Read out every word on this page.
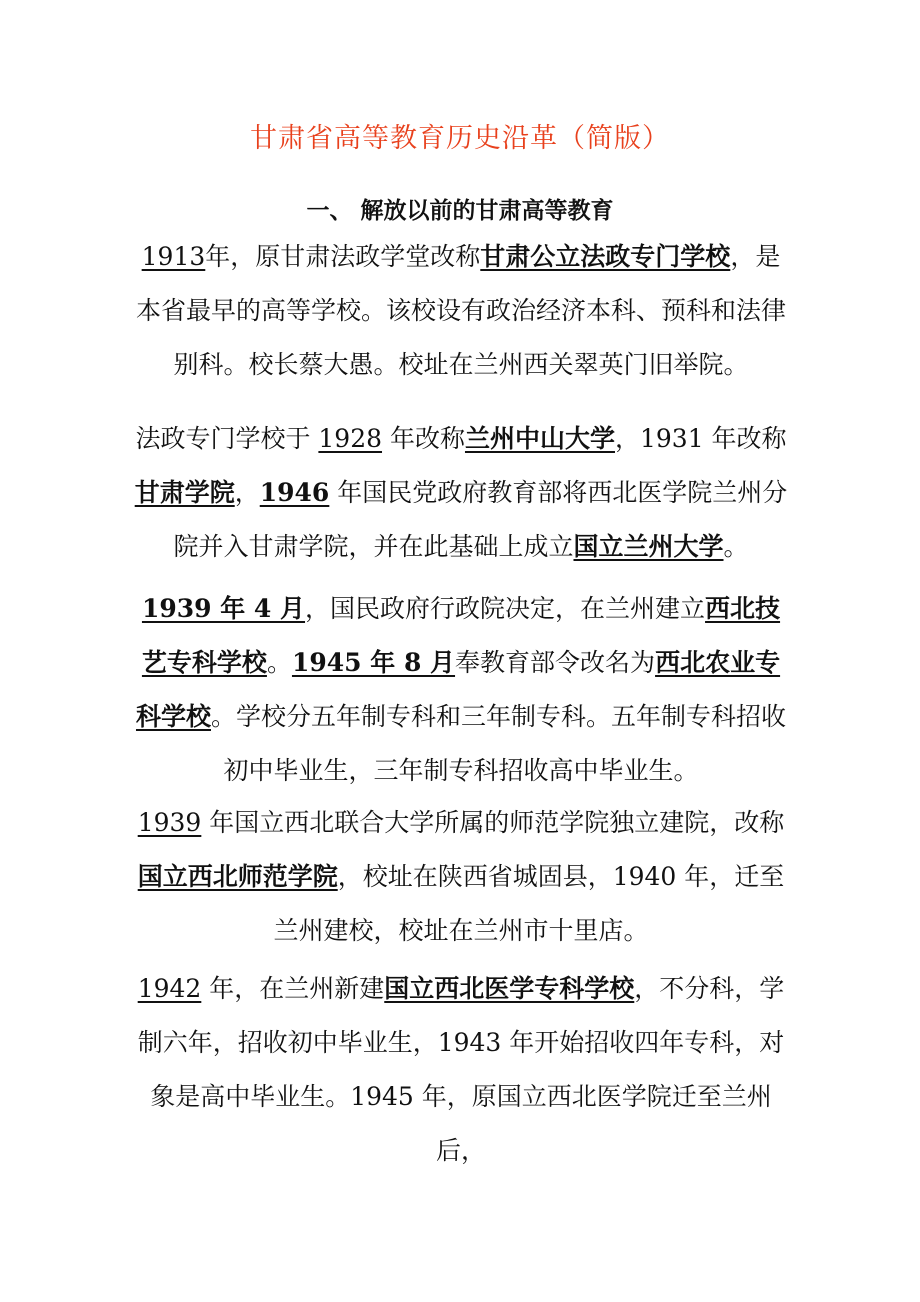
甘肃省高等教育历史沿革（简版）
一、 解放以前的甘肃高等教育

1913年，原甘肃法政学堂改称甘肃公立法政专门学校，是本省最早的高等学校。该校设有政治经济本科、预科和法律别科。校长蔡大愚。校址在兰州西关翠英门旧举院。

法政专门学校于 1928 年改称兰州中山大学，1931 年改称甘肃学院，1946 年国民党政府教育部将西北医学院兰州分院并入甘肃学院，并在此基础上成立国立兰州大学。

1939 年 4 月，国民政府行政院决定，在兰州建立西北技艺专科学校。1945 年 8 月奉教育部令改名为西北农业专科学校。学校分五年制专科和三年制专科。五年制专科招收初中毕业生，三年制专科招收高中毕业生。

1939 年国立西北联合大学所属的师范学院独立建院，改称国立西北师范学院，校址在陕西省城固县，1940 年，迁至兰州建校，校址在兰州市十里店。

1942 年，在兰州新建国立西北医学专科学校，不分科，学制六年，招收初中毕业生，1943 年开始招收四年专科，对象是高中毕业生。1945 年，原国立西北医学院迁至兰州后，
